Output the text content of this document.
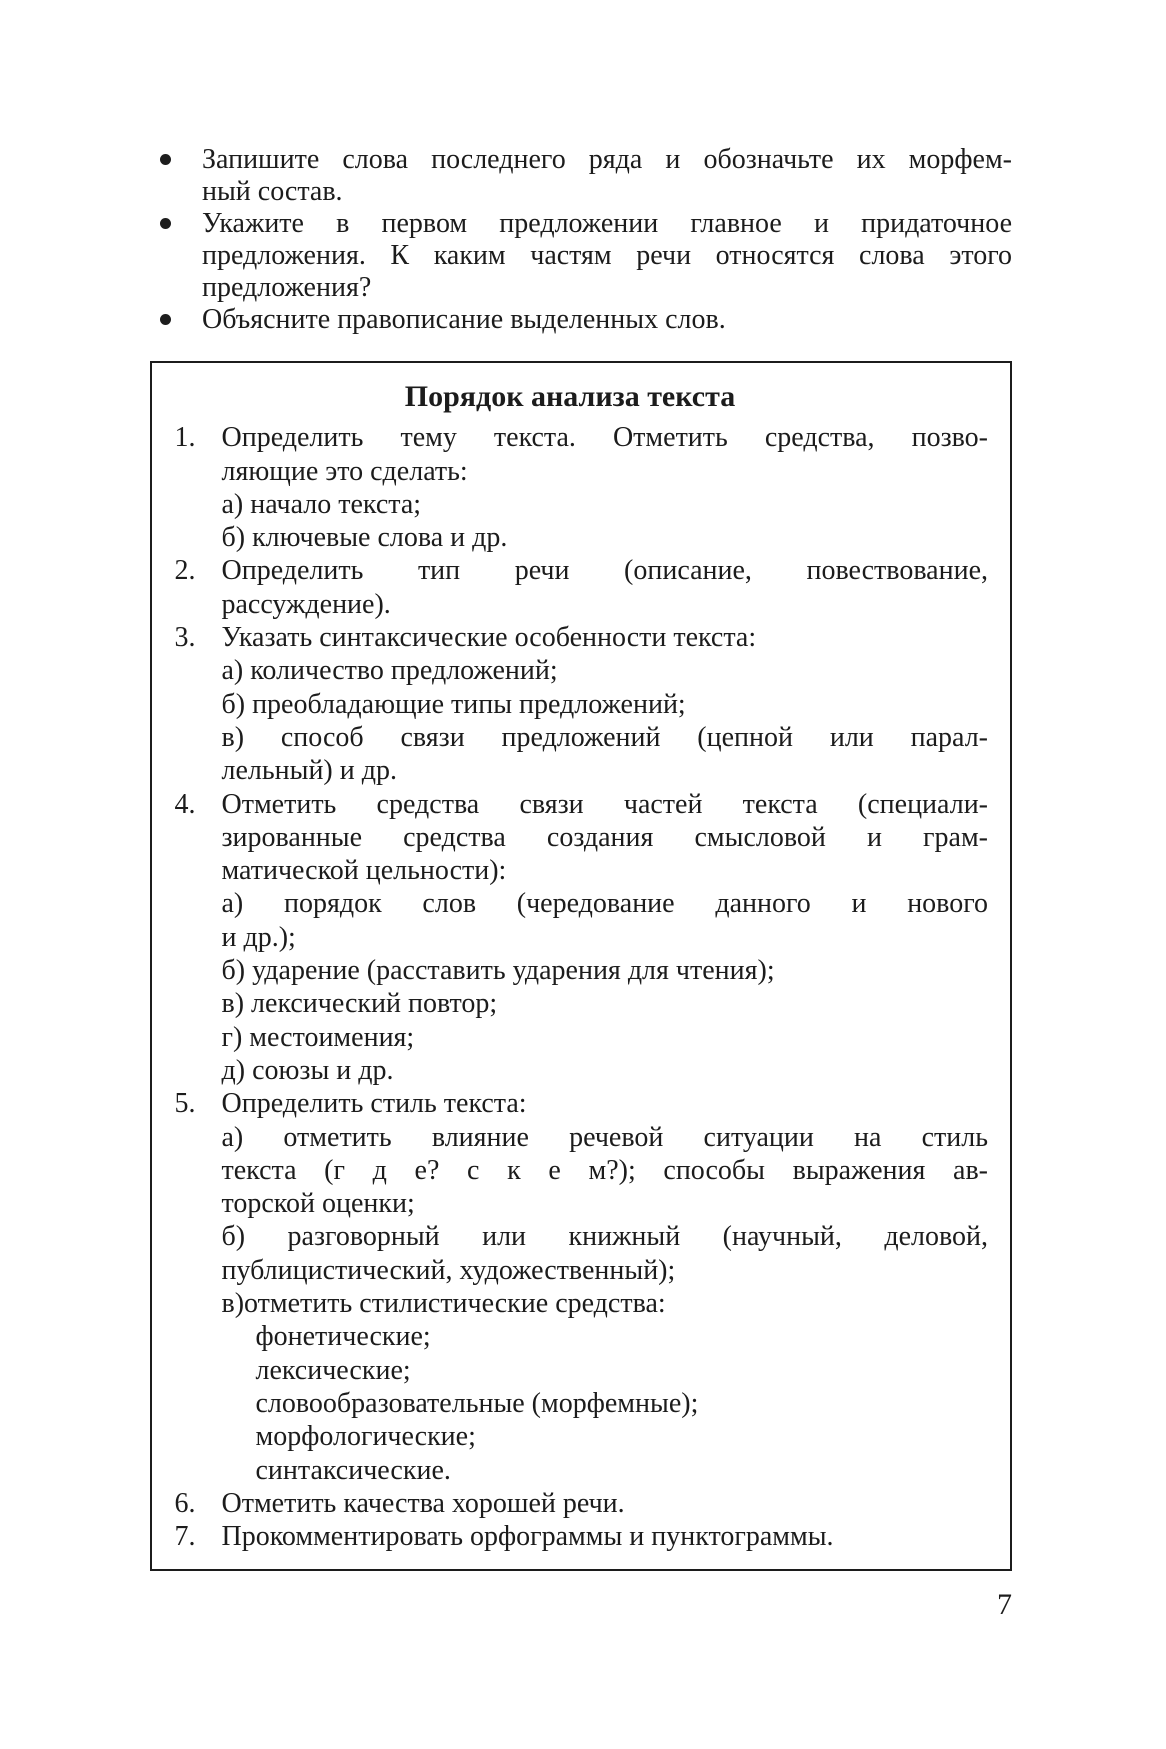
Запишите слова последнего ряда и обозначьте их морфем-
ный состав.
Укажите в первом предложении главное и придаточное
предложения. К каким частям речи относятся слова этого
предложения?
Объясните правописание выделенных слов.
Порядок анализа текста
1. Определить тему текста. Отметить средства, позво-
ляющие это сделать:
а) начало текста;
б) ключевые слова и др.
2. Определить тип речи (описание, повествование,
рассуждение).
3. Указать синтаксические особенности текста:
а) количество предложений;
б) преобладающие типы предложений;
в) способ связи предложений (цепной или парал-
лельный) и др.
4. Отметить средства связи частей текста (специали-
зированные средства создания смысловой и грам-
матической цельности):
а) порядок слов (чередование данного и нового
и др.);
б) ударение (расставить ударения для чтения);
в) лексический повтор;
г) местоимения;
д) союзы и др.
5. Определить стиль текста:
а) отметить влияние речевой ситуации на стиль
текста (г д е? с к е м?); способы выражения ав-
торской оценки;
б) разговорный или книжный (научный, деловой,
публицистический, художественный);
в)отметить стилистические средства:
фонетические;
лексические;
словообразовательные (морфемные);
морфологические;
синтаксические.
6. Отметить качества хорошей речи.
7. Прокомментировать орфограммы и пунктограммы.
7
